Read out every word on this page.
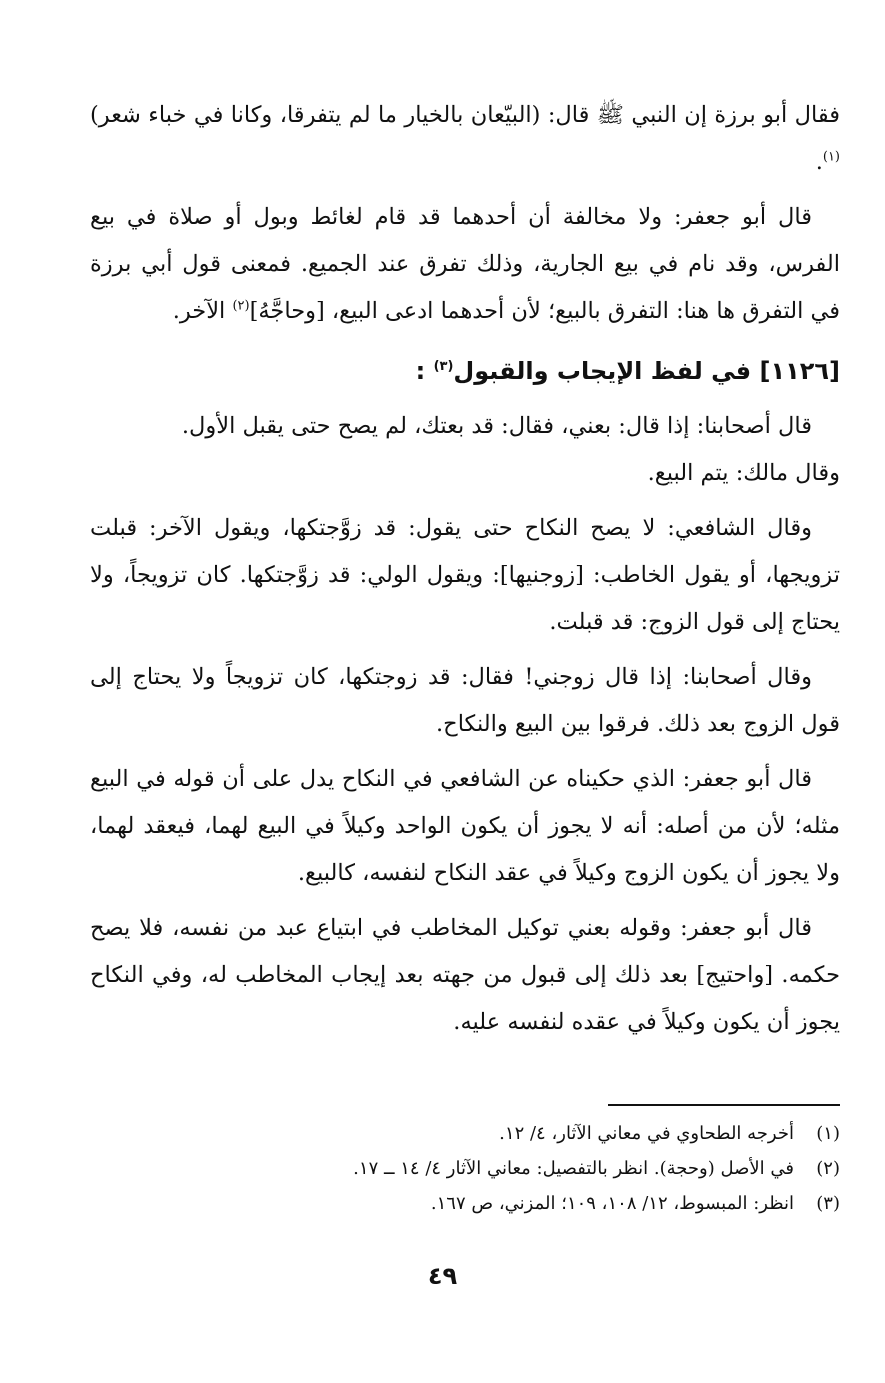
فقال أبو برزة إن النبي ﷺ قال: (البيّعان بالخيار ما لم يتفرقا، وكانا في خباء شعر)$^{(١)}$.

قال أبو جعفر: ولا مخالفة أن أحدهما قد قام لغائط وبول أو صلاة في بيع الفرس، وقد نام في بيع الجارية، وذلك تفرق عند الجميع. فمعنى قول أبي برزة في التفرق ها هنا: التفرق بالبيع؛ لأن أحدهما ادعى البيع، [وحاجَّهُ]$^{(٢)}$ الآخر.

[١١٢٦] في لفظ الإيجاب والقبول$^{(٣)}$ :

قال أصحابنا: إذا قال: بعني، فقال: قد بعتك، لم يصح حتى يقبل الأول.

وقال مالك: يتم البيع.

وقال الشافعي: لا يصح النكاح حتى يقول: قد زوَّجتكها، ويقول الآخر: قبلت تزويجها، أو يقول الخاطب: [زوجنيها]: ويقول الولي: قد زوَّجتكها. كان تزويجاً، ولا يحتاج إلى قول الزوج: قد قبلت.

وقال أصحابنا: إذا قال زوجني! فقال: قد زوجتكها، كان تزويجاً ولا يحتاج إلى قول الزوج بعد ذلك. فرقوا بين البيع والنكاح.

قال أبو جعفر: الذي حكيناه عن الشافعي في النكاح يدل على أن قوله في البيع مثله؛ لأن من أصله: أنه لا يجوز أن يكون الواحد وكيلاً في البيع لهما، فيعقد لهما، ولا يجوز أن يكون الزوج وكيلاً في عقد النكاح لنفسه، كالبيع.

قال أبو جعفر: وقوله بعني توكيل المخاطب في ابتياع عبد من نفسه، فلا يصح حكمه. [واحتيج] بعد ذلك إلى قبول من جهته بعد إيجاب المخاطب له، وفي النكاح يجوز أن يكون وكيلاً في عقده لنفسه عليه.

(١)أخرجه الطحاوي في معاني الآثار، ٤/ ١٢.

(٢)في الأصل (وحجة). انظر بالتفصيل: معاني الآثار ٤/ ١٤ ــ ١٧.

(٣)انظر: المبسوط، ١٢/ ١٠٨، ١٠٩؛ المزني، ص ١٦٧.

٤٩
